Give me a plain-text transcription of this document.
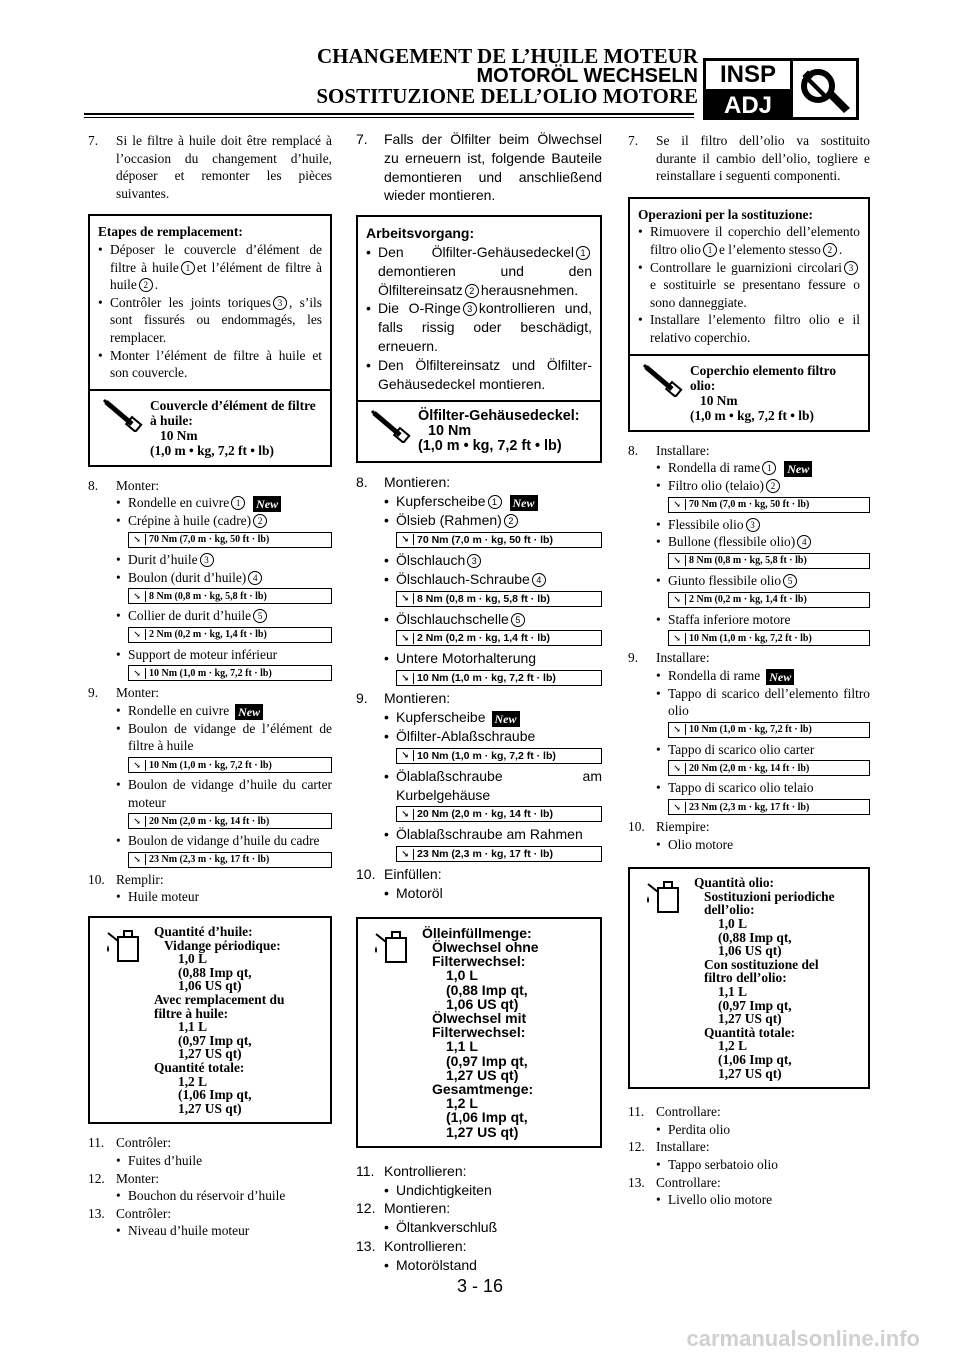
CHANGEMENT DE L’HUILE MOTEUR
MOTORÖL WECHSELN
SOSTITUZIONE DELL’OLIO MOTORE
INSP
ADJ
7.	Si le filtre à huile doit être remplacé à l’occasion du changement d’huile, déposer et remonter les pièces suivantes.
Etapes de remplacement:
• Déposer le couvercle d’élément de filtre à huile 1 et l’élément de filtre à huile 2 .
• Contrôler les joints toriques 3 , s’ils sont fissurés ou endommagés, les remplacer.
• Monter l’élément de filtre à huile et son couvercle.
Couvercle d’élément de filtre à huile:
10 Nm
(1,0 m • kg, 7,2 ft • lb)
8.	Monter:
• Rondelle en cuivre 1 New
• Crépine à huile (cadre) 2
↘ 70 Nm (7,0 m · kg, 50 ft · lb)
• Durit d’huile 3
• Boulon (durit d’huile) 4
↘ 8 Nm (0,8 m · kg, 5,8 ft · lb)
• Collier de durit d’huile 5
↘ 2 Nm (0,2 m · kg, 1,4 ft · lb)
• Support de moteur inférieur
↘ 10 Nm (1,0 m · kg, 7,2 ft · lb)
9.	Monter:
• Rondelle en cuivre New
• Boulon de vidange de l’élément de filtre à huile
↘ 10 Nm (1,0 m · kg, 7,2 ft · lb)
• Boulon de vidange d’huile du carter moteur
↘ 20 Nm (2,0 m · kg, 14 ft · lb)
• Boulon de vidange d’huile du cadre
↘ 23 Nm (2,3 m · kg, 17 ft · lb)
10. Remplir:
• Huile moteur
Quantité d’huile:
Vidange périodique:
1,0 L
(0,88 Imp qt,
1,06 US qt)
Avec remplacement du
filtre à huile:
1,1 L
(0,97 Imp qt,
1,27 US qt)
Quantité totale:
1,2 L
(1,06 Imp qt,
1,27 US qt)
11. Contrôler:
• Fuites d’huile
12. Monter:
• Bouchon du réservoir d’huile
13. Contrôler:
• Niveau d’huile moteur
7.	Falls der Ölfilter beim Ölwechsel zu erneuern ist, folgende Bauteile demontieren und anschließend wieder montieren.
Arbeitsvorgang:
• Den Ölfilter-Gehäusedeckel 1demontieren und den Ölfiltereinsatz 2 herausnehmen.
• Die O-Ringe 3 kontrollieren und, falls rissig oder beschädigt, erneuern.
• Den Ölfiltereinsatz und Ölfilter-Gehäusedeckel montieren.
Ölfilter-Gehäusedeckel:
10 Nm
(1,0 m • kg, 7,2 ft • lb)
8.	Montieren:
• Kupferscheibe 1 New
• Ölsieb (Rahmen) 2
↘ 70 Nm (7,0 m · kg, 50 ft · lb)
• Ölschlauch 3
• Ölschlauch-Schraube 4
↘ 8 Nm (0,8 m · kg, 5,8 ft · lb)
• Ölschlauchschelle 5
↘ 2 Nm (0,2 m · kg, 1,4 ft · lb)
• Untere Motorhalterung
↘ 10 Nm (1,0 m · kg, 7,2 ft · lb)
9.	Montieren:
• Kupferscheibe New
• Ölfilter-Ablaßschraube
↘ 10 Nm (1,0 m · kg, 7,2 ft · lb)
• Ölablaßschraube am Kurbelgehäuse
↘ 20 Nm (2,0 m · kg, 14 ft · lb)
• Ölablaßschraube am Rahmen
↘ 23 Nm (2,3 m · kg, 17 ft · lb)
10. Einfüllen:
• Motoröl
Ölleinfüllmenge:
Ölwechsel ohne
Filterwechsel:
1,0 L
(0,88 Imp qt,
1,06 US qt)
Ölwechsel mit
Filterwechsel:
1,1 L
(0,97 Imp qt,
1,27 US qt)
Gesamtmenge:
1,2 L
(1,06 Imp qt,
1,27 US qt)
11. Kontrollieren:
• Undichtigkeiten
12. Montieren:
• Öltankverschluß
13. Kontrollieren:
• Motorölstand
7.	Se il filtro dell’olio va sostituito durante il cambio dell’olio, togliere e reinstallare i seguenti componenti.
Operazioni per la sostituzione:
• Rimuovere il coperchio dell’elemento filtro olio 1 e l’elemento stesso 2 .
• Controllare le guarnizioni circolari 3e sostituirle se presentano fessure o sono danneggiate.
• Installare l’elemento filtro olio e il relativo coperchio.
Coperchio elemento filtro olio:
10 Nm
(1,0 m • kg, 7,2 ft • lb)
8.	Installare:
• Rondella di rame 1 New
• Filtro olio (telaio) 2
↘ 70 Nm (7,0 m · kg, 50 ft · lb)
• Flessibile olio 3
• Bullone (flessibile olio) 4
↘ 8 Nm (0,8 m · kg, 5,8 ft · lb)
• Giunto flessibile olio 5
↘ 2 Nm (0,2 m · kg, 1,4 ft · lb)
• Staffa inferiore motore
↘ 10 Nm (1,0 m · kg, 7,2 ft · lb)
9.	Installare:
• Rondella di rame New
• Tappo di scarico dell’elemento filtro olio
↘ 10 Nm (1,0 m · kg, 7,2 ft · lb)
• Tappo di scarico olio carter
↘ 20 Nm (2,0 m · kg, 14 ft · lb)
• Tappo di scarico olio telaio
↘ 23 Nm (2,3 m · kg, 17 ft · lb)
10. Riempire:
• Olio motore
Quantità olio:
Sostituzioni periodiche
dell’olio:
1,0 L
(0,88 Imp qt,
1,06 US qt)
Con sostituzione del
filtro dell’olio:
1,1 L
(0,97 Imp qt,
1,27 US qt)
Quantità totale:
1,2 L
(1,06 Imp qt,
1,27 US qt)
11. Controllare:
• Perdita olio
12. Installare:
• Tappo serbatoio olio
13. Controllare:
• Livello olio motore
3 - 16
carmanualsonline.info
